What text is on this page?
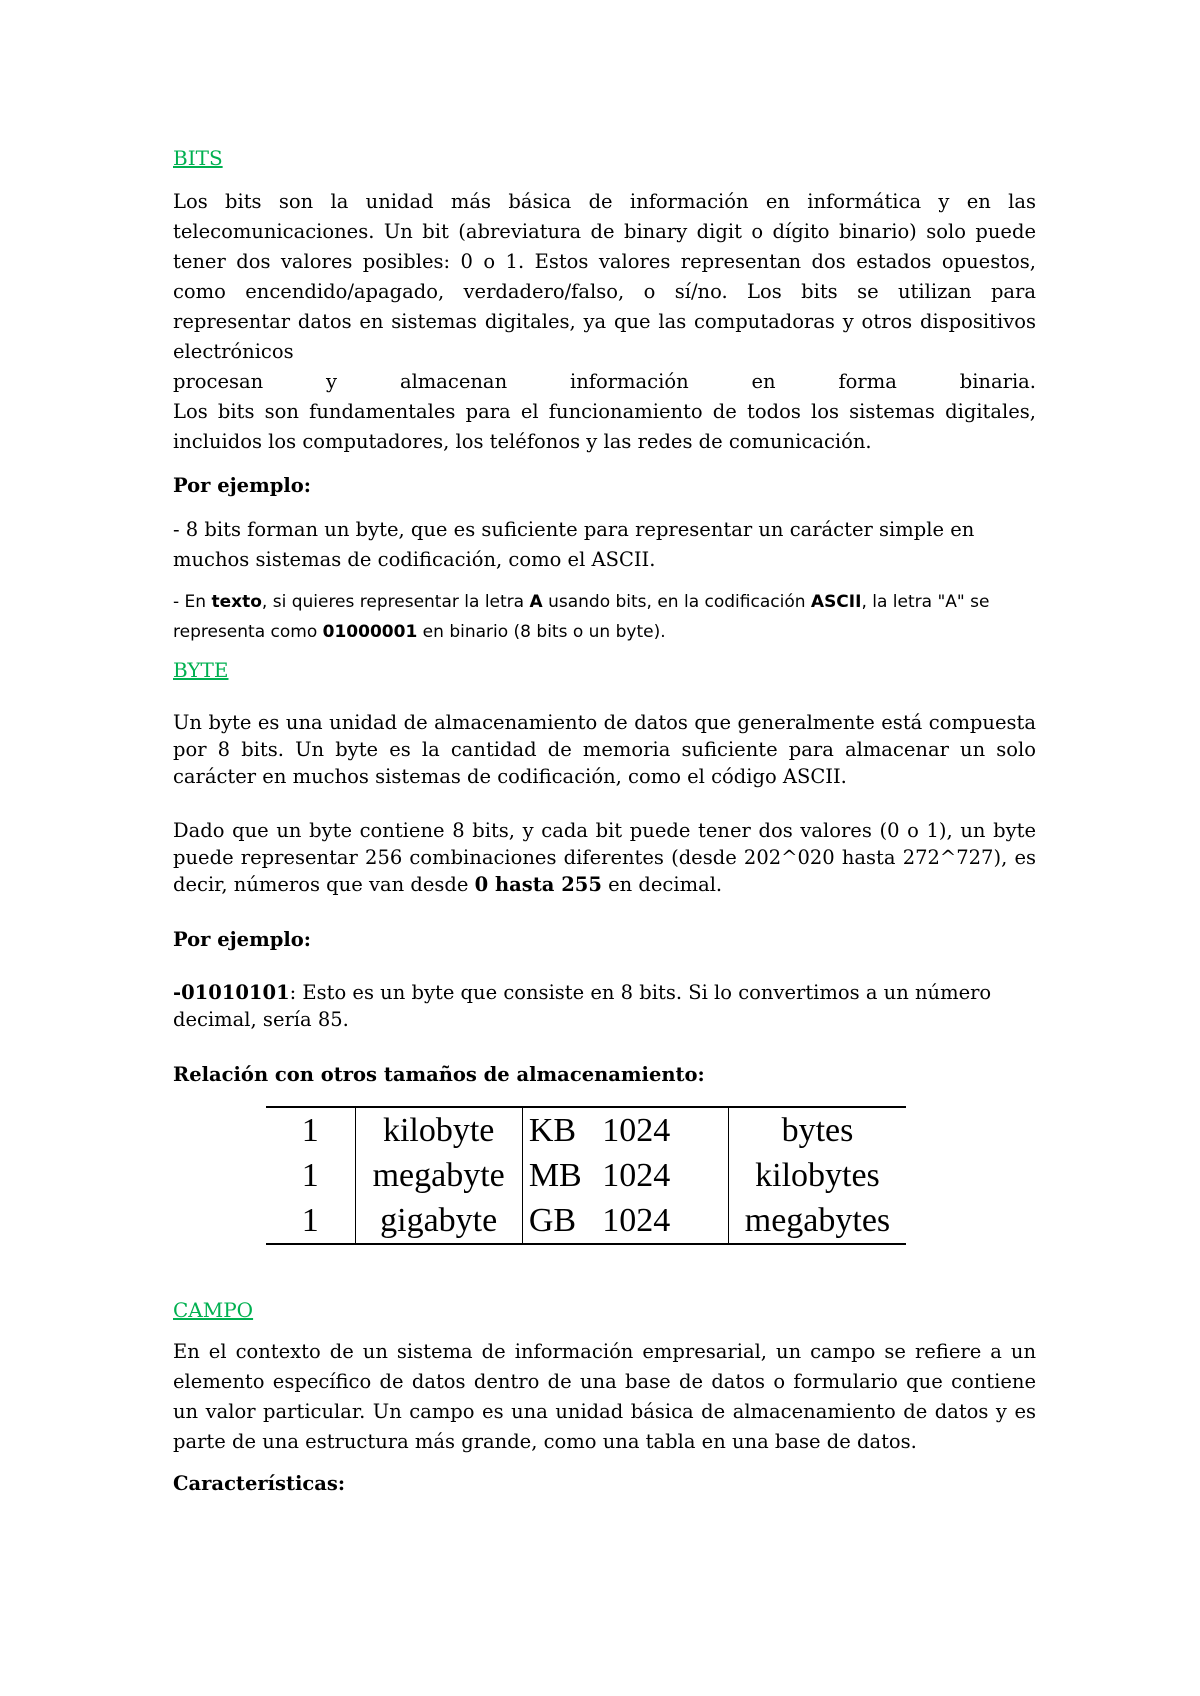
BITS

Los bits son la unidad más básica de información en informática y en las telecomunicaciones. Un bit (abreviatura de binary digit o dígito binario) solo puede tener dos valores posibles: 0 o 1. Estos valores representan dos estados opuestos, como encendido/apagado, verdadero/falso, o sí/no. Los bits se utilizan para representar datos en sistemas digitales, ya que las computadoras y otros dispositivos electrónicos

procesan y almacenan información en forma binaria.

Los bits son fundamentales para el funcionamiento de todos los sistemas digitales, incluidos los computadores, los teléfonos y las redes de comunicación.

Por ejemplo:

- 8 bits forman un byte, que es suficiente para representar un carácter simple en muchos sistemas de codificación, como el ASCII.

- En texto, si quieres representar la letra A usando bits, en la codificación ASCII, la letra "A" se representa como 01000001 en binario (8 bits o un byte).

BYTE

Un byte es una unidad de almacenamiento de datos que generalmente está compuesta por 8 bits. Un byte es la cantidad de memoria suficiente para almacenar un solo carácter en muchos sistemas de codificación, como el código ASCII.

Dado que un byte contiene 8 bits, y cada bit puede tener dos valores (0 o 1), un byte puede representar 256 combinaciones diferentes (desde 202^020 hasta 272^727), es decir, números que van desde 0 hasta 255 en decimal.

Por ejemplo:

-01010101: Esto es un byte que consiste en 8 bits. Si lo convertimos a un número decimal, sería 85.

Relación con otros tamaños de almacenamiento:

1	kilobyte	KB	1024	bytes
1	megabyte	MB	1024	kilobytes
1	gigabyte	GB	1024	megabytes

CAMPO

En el contexto de un sistema de información empresarial, un campo se refiere a un elemento específico de datos dentro de una base de datos o formulario que contiene un valor particular. Un campo es una unidad básica de almacenamiento de datos y es parte de una estructura más grande, como una tabla en una base de datos.

Características:
